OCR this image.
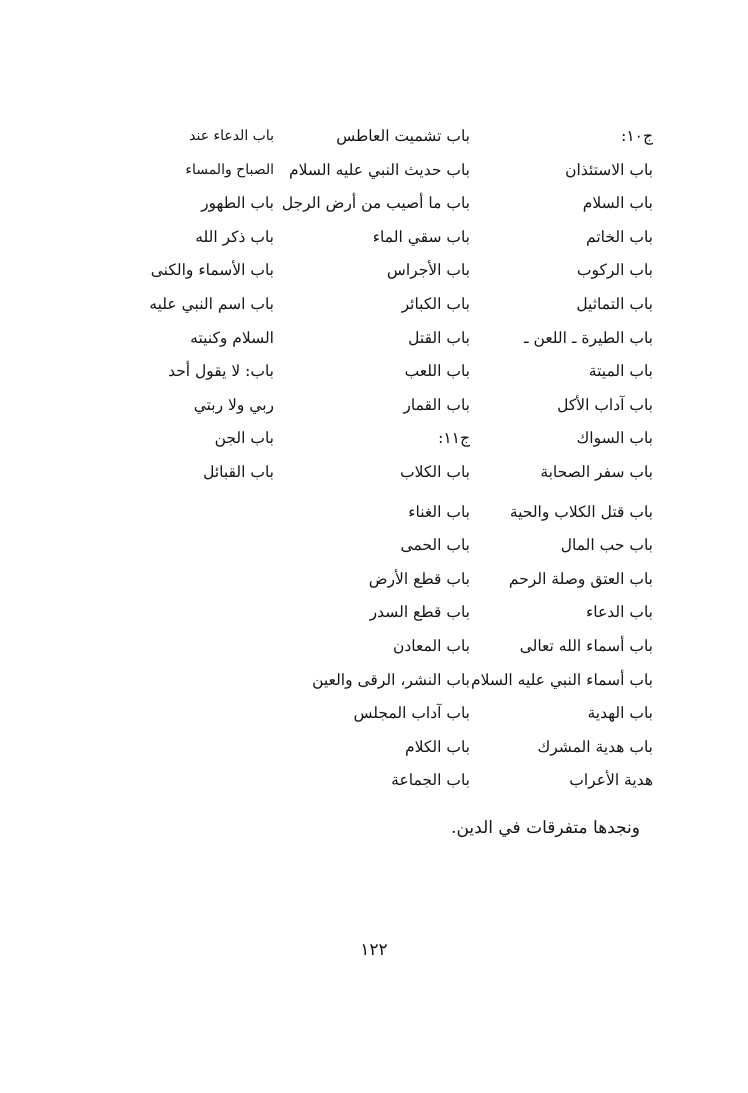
ج١٠:
باب الاستئذان
باب السلام
باب الخاتم
باب الركوب
باب التماثيل
باب الطيرة ـ اللعن ـ
باب الميتة
باب آداب الأكل
باب السواك
باب سفر الصحابة
باب قتل الكلاب والحية
باب حب المال
باب العتق وصلة الرحم
باب الدعاء
باب أسماء الله تعالى
باب أسماء النبي عليه السلام
باب الهدية
باب هدية المشرك
هدية الأعراب
باب تشميت العاطس
باب حديث النبي عليه السلام
باب ما أصيب من أرض الرجل
باب سقي الماء
باب الأجراس
باب الكبائر
باب القتل
باب اللعب
باب القمار
ج١١:
باب الكلاب
باب الغناء
باب الحمى
باب قطع الأرض
باب قطع السدر
باب المعادن
باب النشر، الرقى والعين
باب آداب المجلس
باب الكلام
باب الجماعة
باب الدعاء عند
الصباح والمساء
باب الطهور
باب ذكر الله
باب الأسماء والكنى
باب اسم النبي عليه
السلام وكنيته
باب: لا يقول أحد
ربي ولا ربتي
باب الجن
باب القبائل
ونجدها متفرقات في الدين.
١٢٢
